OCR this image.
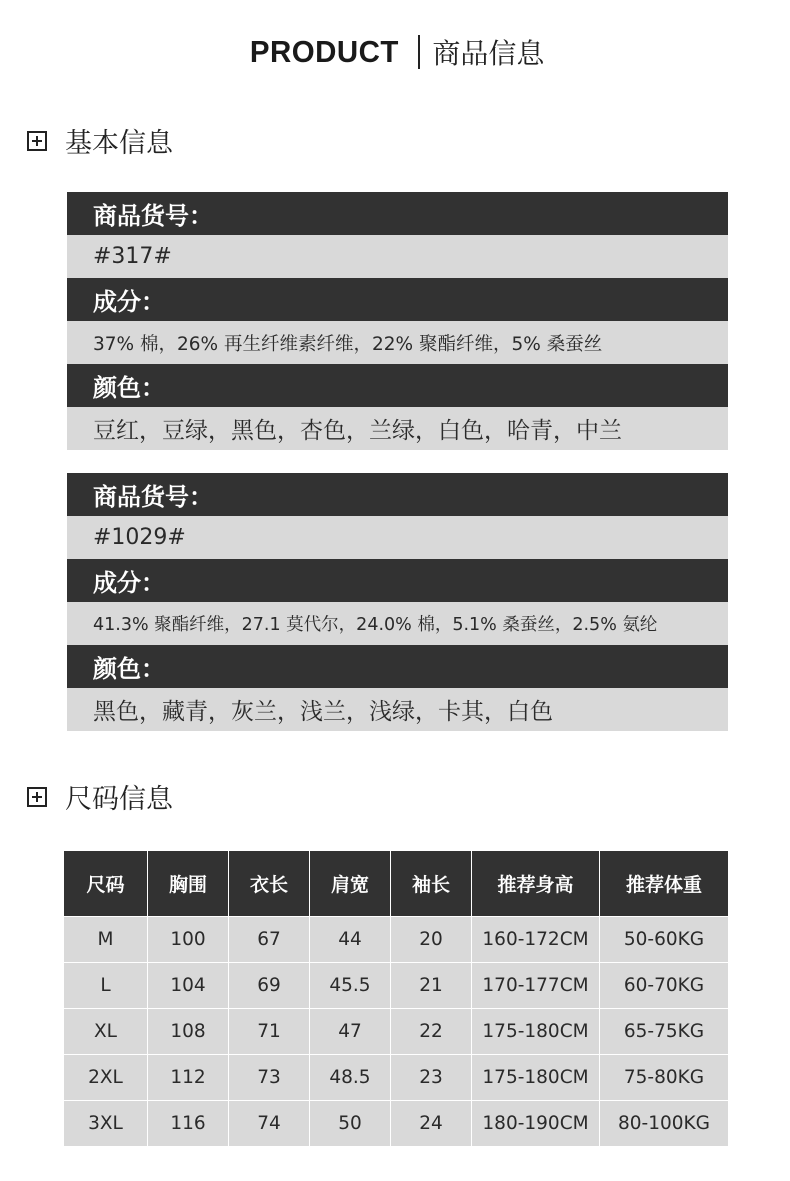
PRODUCT 商品信息
基本信息
商品货号：
#317#
成分：
37% 棉，26% 再生纤维素纤维，22% 聚酯纤维，5% 桑蚕丝
颜色：
豆红，豆绿，黑色，杏色，兰绿，白色，哈青，中兰
商品货号：
#1029#
成分：
41.3% 聚酯纤维，27.1 莫代尔，24.0% 棉，5.1% 桑蚕丝，2.5% 氨纶
颜色：
黑色，藏青，灰兰，浅兰，浅绿，卡其，白色
尺码信息
尺码	胸围	衣长	肩宽	袖长	推荐身高	推荐体重
M	100	67	44	20	160-172CM	50-60KG
L	104	69	45.5	21	170-177CM	60-70KG
XL	108	71	47	22	175-180CM	65-75KG
2XL	112	73	48.5	23	175-180CM	75-80KG
3XL	116	74	50	24	180-190CM	80-100KG
